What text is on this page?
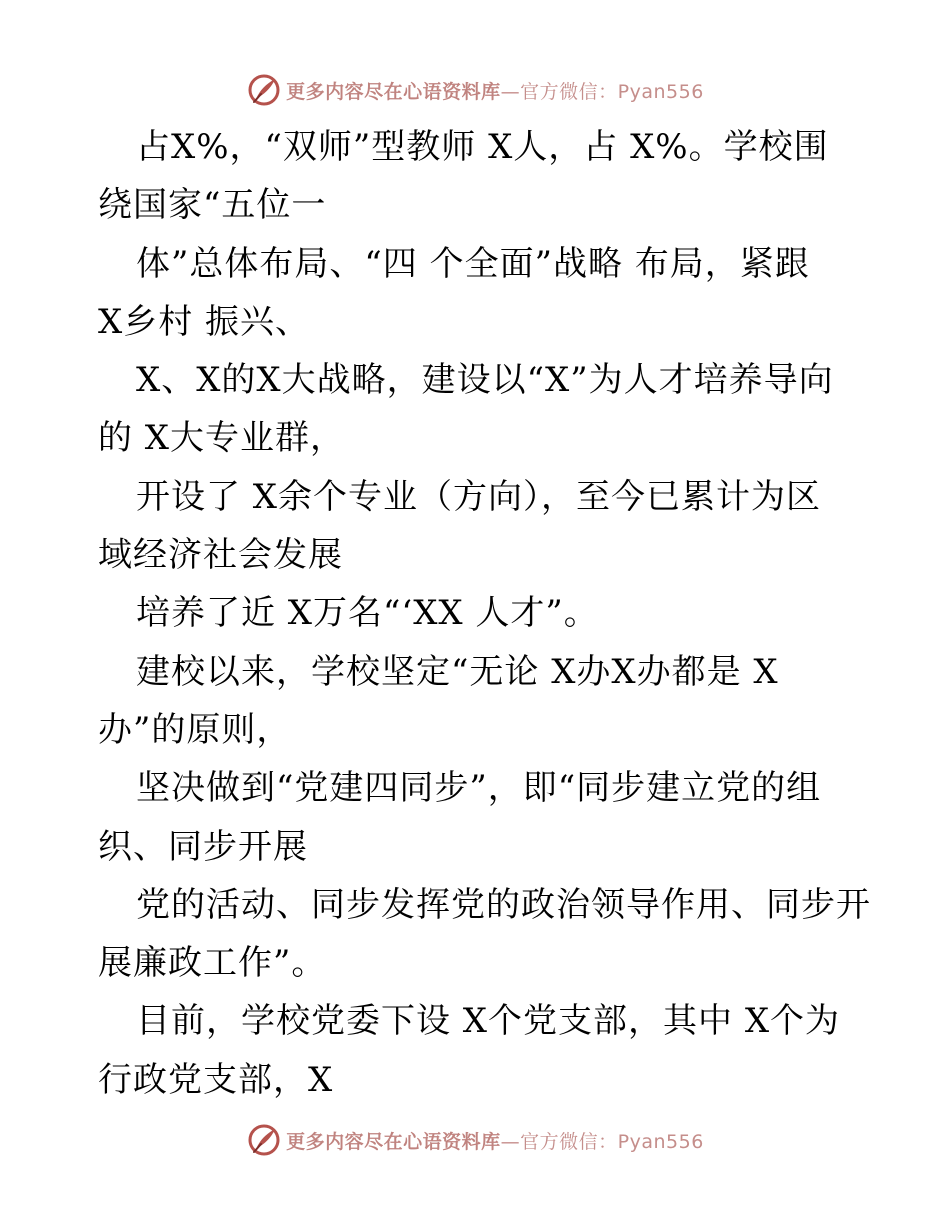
更多内容尽在心语资料库—官方微信：Pyan556
占X%，“双师”型教师 X人，占 X%。学校围
绕国家“五位一
体”总体布局、“四 个全面”战略 布局，紧跟
X乡村 振兴、
X、X的X大战略，建设以“X”为人才培养导向
的 X大专业群，
开设了 X余个专业（方向），至今已累计为区
域经济社会发展
培养了近 X万名“‘XX 人才”。
建校以来，学校坚定“无论 X办X办都是 X
办”的原则，
坚决做到“党建四同步”，即“同步建立党的组
织、同步开展
党的活动、同步发挥党的政治领导作用、同步开
展廉政工作”。
目前，学校党委下设 X个党支部，其中 X个为
行政党支部，X
更多内容尽在心语资料库—官方微信：Pyan556
